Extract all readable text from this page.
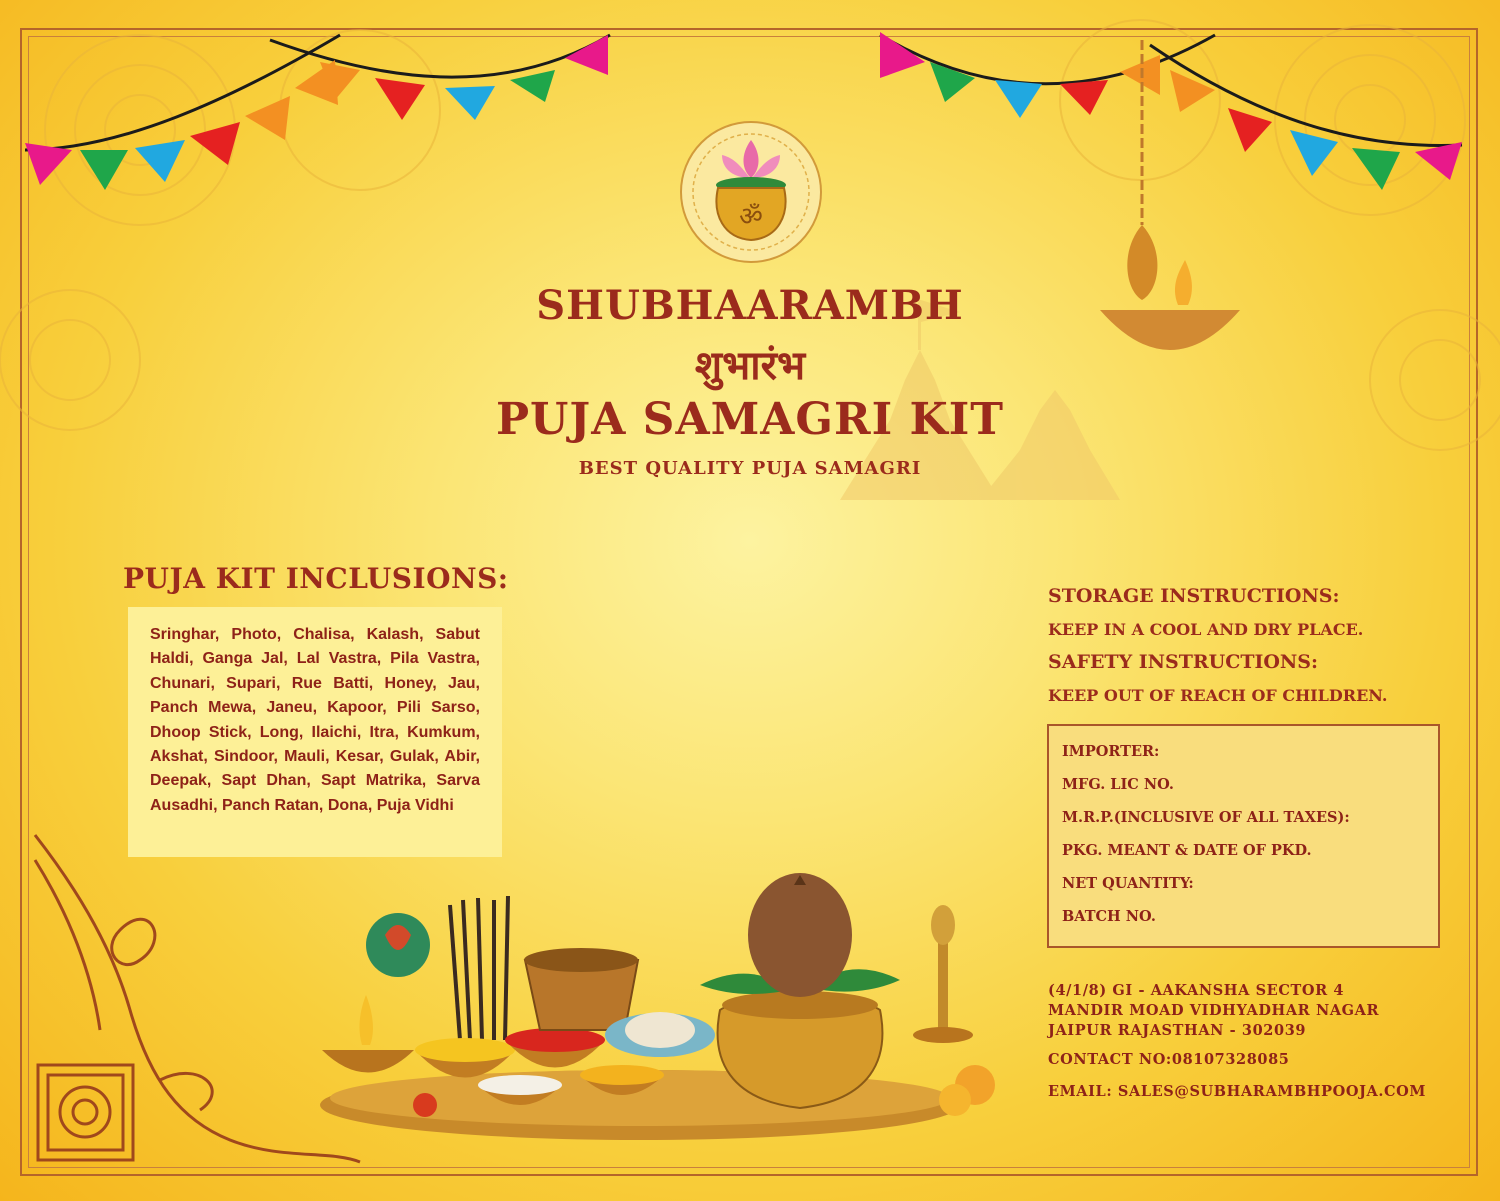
ॐ

SHUBHAARAMBH

शुभारंभ

PUJA SAMAGRI KIT

BEST QUALITY PUJA SAMAGRI

PUJA KIT INCLUSIONS:

Sringhar, Photo, Chalisa, Kalash, Sabut Haldi, Ganga Jal, Lal Vastra, Pila Vastra, Chunari, Supari, Rue Batti, Honey, Jau, Panch Mewa, Janeu, Kapoor, Pili Sarso, Dhoop Stick, Long, Ilaichi, Itra, Kumkum, Akshat, Sindoor, Mauli, Kesar, Gulak, Abir, Deepak, Sapt Dhan, Sapt Matrika, Sarva Ausadhi, Panch Ratan, Dona, Puja Vidhi

STORAGE INSTRUCTIONS:

KEEP IN A COOL AND DRY PLACE.

SAFETY INSTRUCTIONS:

KEEP OUT OF REACH OF CHILDREN.

IMPORTER:

MFG. LIC NO.

M.R.P.(INCLUSIVE OF ALL TAXES):

PKG. MEANT & DATE OF PKD.

NET QUANTITY:

BATCH NO.

(4/1/8) GI - AAKANSHA SECTOR 4

MANDIR MOAD VIDHYADHAR NAGAR

JAIPUR RAJASTHAN - 302039

CONTACT NO:08107328085

EMAIL: SALES@SUBHARAMBHPOOJA.COM
